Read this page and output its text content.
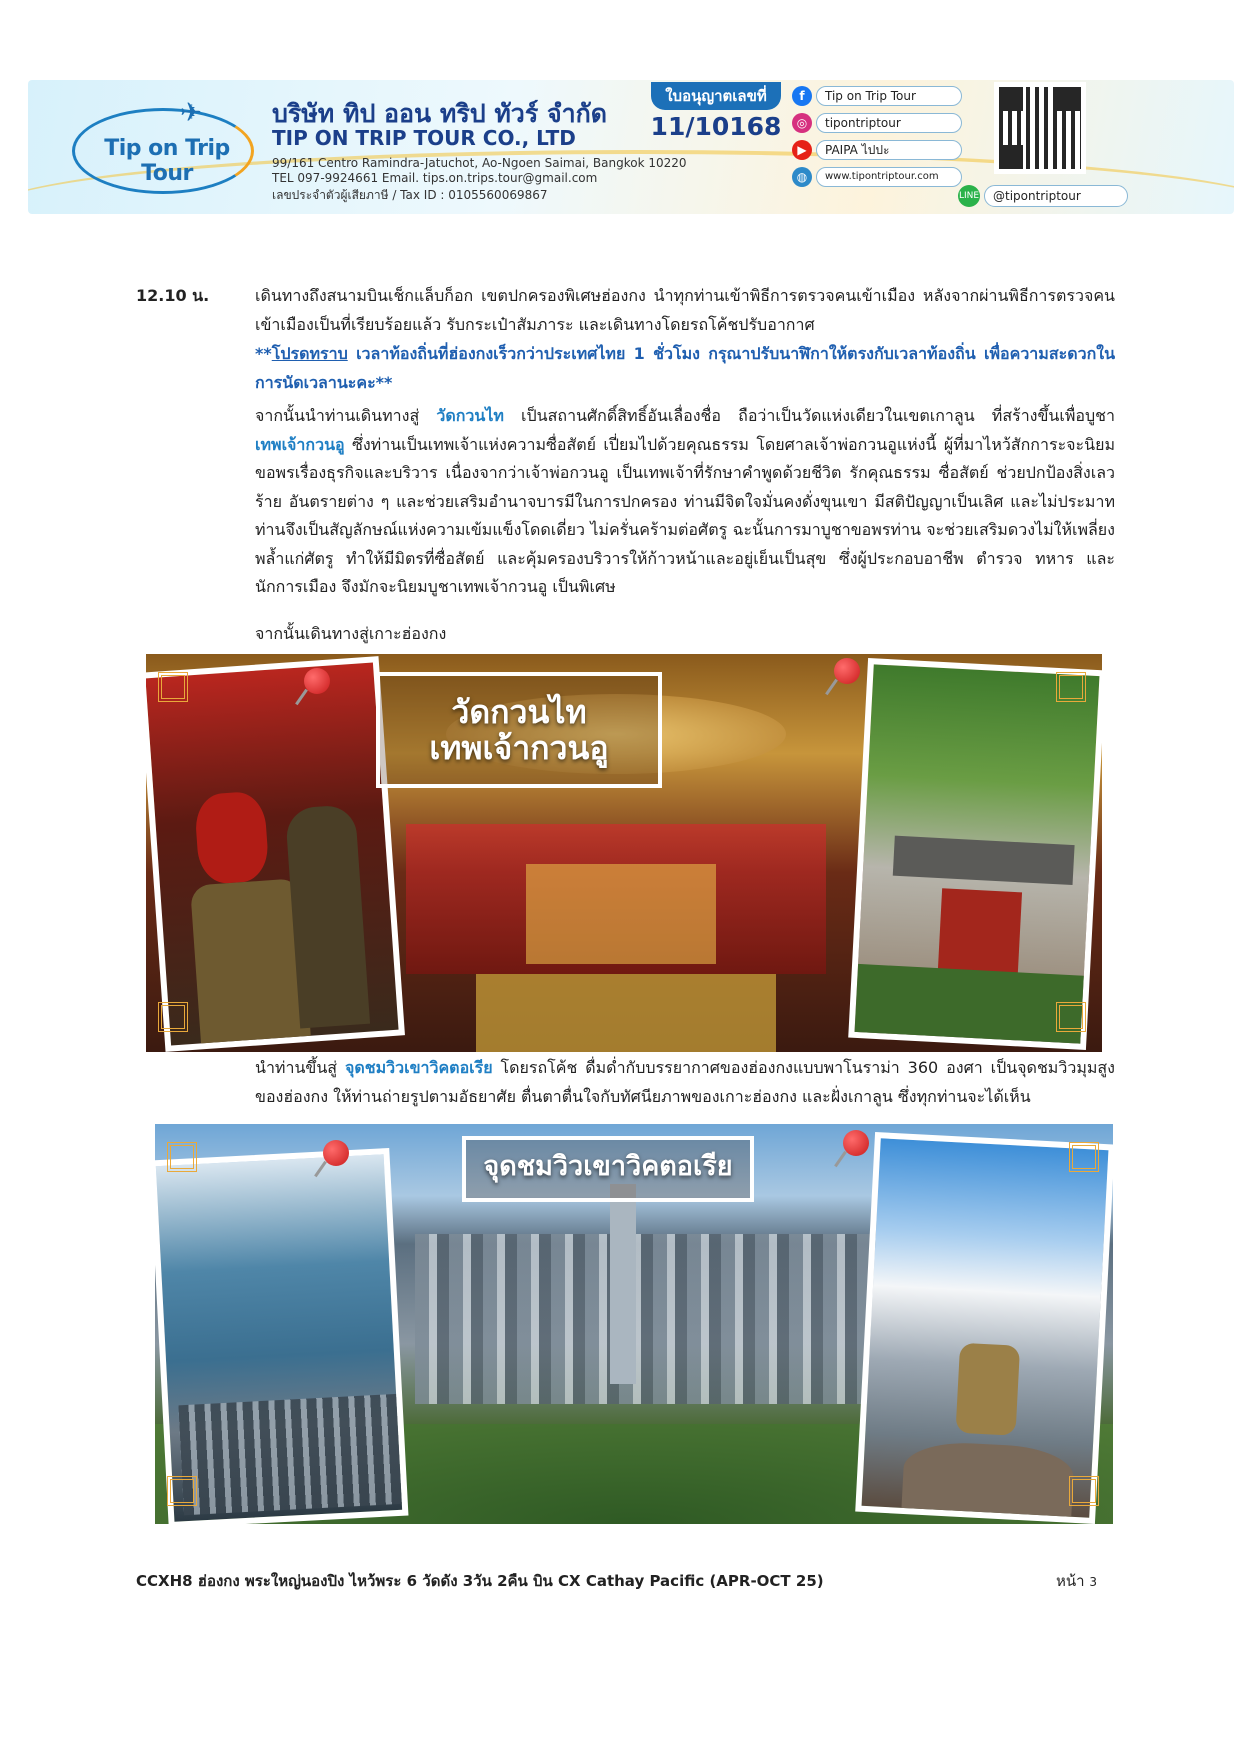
✈
Tip on Trip Tour
บริษัท ทิป ออน ทริป ทัวร์ จำกัด
TIP ON TRIP TOUR CO., LTD
99/161 Centro Ramindra-Jatuchot, Ao-Ngoen Saimai, Bangkok 10220
TEL 097-9924661 Email. tips.on.trips.tour@gmail.com
เลขประจำตัวผู้เสียภาษี / Tax ID : 0105560069867
ใบอนุญาตเลขที่
11/10168
f	Tip on Trip Tour
◎	tipontriptour
▶	PAIPA ไปปะ
◍	www.tipontriptour.com
LINE	@tipontriptour
12.10 น.	เดินทางถึงสนามบินเช็กแล็บก็อก เขตปกครองพิเศษฮ่องกง นำทุกท่านเข้าพิธีการตรวจคนเข้าเมือง หลังจากผ่านพิธีการตรวจคนเข้าเมืองเป็นที่เรียบร้อยแล้ว รับกระเป๋าสัมภาระ และเดินทางโดยรถโค้ชปรับอากาศ
**โปรดทราบ เวลาท้องถิ่นที่ฮ่องกงเร็วกว่าประเทศไทย 1 ชั่วโมง กรุณาปรับนาฬิกาให้ตรงกับเวลาท้องถิ่น เพื่อความสะดวกในการนัดเวลานะคะ**
จากนั้นนำท่านเดินทางสู่ วัดกวนไท เป็นสถานศักดิ์สิทธิ์อันเลื่องชื่อ ถือว่าเป็นวัดแห่งเดียวในเขตเกาลูน ที่สร้างขึ้นเพื่อบูชา เทพเจ้ากวนอู ซึ่งท่านเป็นเทพเจ้าแห่งความซื่อสัตย์ เปี่ยมไปด้วยคุณธรรม โดยศาลเจ้าพ่อกวนอูแห่งนี้ ผู้ที่มาไหว้สักการะจะนิยมขอพรเรื่องธุรกิจและบริวาร เนื่องจากว่าเจ้าพ่อกวนอู เป็นเทพเจ้าที่รักษาคำพูดด้วยชีวิต รักคุณธรรม ซื่อสัตย์ ช่วยปกป้องสิ่งเลวร้าย อันตรายต่าง ๆ และช่วยเสริมอำนาจบารมีในการปกครอง ท่านมีจิตใจมั่นคงดั่งขุนเขา มีสติปัญญาเป็นเลิศ และไม่ประมาท ท่านจึงเป็นสัญลักษณ์แห่งความเข้มแข็งโดดเดี่ยว ไม่ครั่นคร้ามต่อศัตรู ฉะนั้นการมาบูชาขอพรท่าน จะช่วยเสริมดวงไม่ให้เพลี่ยงพล้ำแก่ศัตรู ทำให้มีมิตรที่ซื่อสัตย์ และคุ้มครองบริวารให้ก้าวหน้าและอยู่เย็นเป็นสุข ซึ่งผู้ประกอบอาชีพ ตำรวจ ทหาร และ นักการเมือง จึงมักจะนิยมบูชาเทพเจ้ากวนอู เป็นพิเศษ
จากนั้นเดินทางสู่เกาะฮ่องกง
วัดกวนไท
เทพเจ้ากวนอู
นำท่านขึ้นสู่ จุดชมวิวเขาวิคตอเรีย โดยรถโค้ช ดื่มด่ำกับบรรยากาศของฮ่องกงแบบพาโนราม่า 360 องศา เป็นจุดชมวิวมุมสูงของฮ่องกง ให้ท่านถ่ายรูปตามอัธยาศัย ตื่นตาตื่นใจกับทัศนียภาพของเกาะฮ่องกง และฝั่งเกาลูน ซึ่งทุกท่านจะได้เห็น
จุดชมวิวเขาวิคตอเรีย
CCXH8 ฮ่องกง พระใหญ่นองปิง ไหว้พระ 6 วัดดัง 3วัน 2คืน บิน CX Cathay Pacific (APR-OCT 25)	หน้า 3
